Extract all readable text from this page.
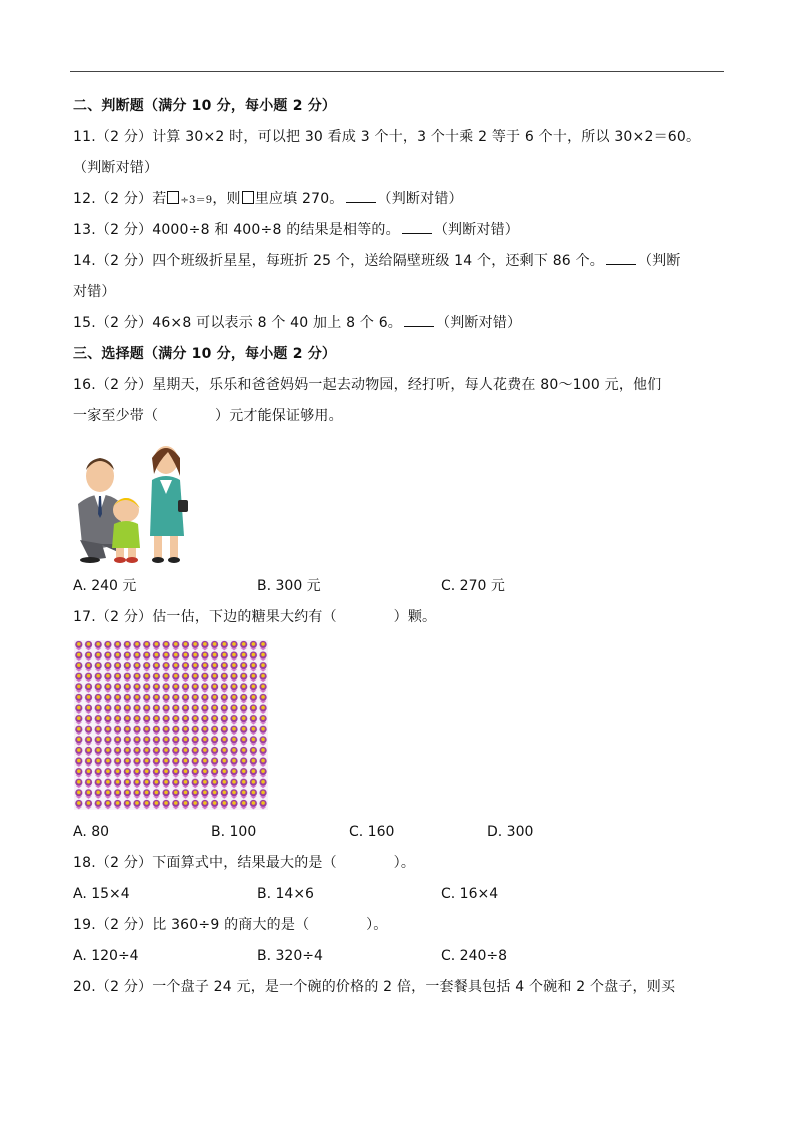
二、判断题（满分 10 分，每小题 2 分）
11.（2 分）计算 30×2 时，可以把 30 看成 3 个十，3 个十乘 2 等于 6 个十，所以 30×2＝60。
（判断对错）
12.（2 分）若 ÷3＝9，则 里应填 270。 （判断对错）
13.（2 分）4000÷8 和 400÷8 的结果是相等的。 （判断对错）
14.（2 分）四个班级折星星，每班折 25 个，送给隔壁班级 14 个，还剩下 86 个。 （判断
对错）
15.（2 分）46×8 可以表示 8 个 40 加上 8 个 6。 （判断对错）
三、选择题（满分 10 分，每小题 2 分）
16.（2 分）星期天，乐乐和爸爸妈妈一起去动物园，经打听，每人花费在 80～100 元，他们
一家至少带（　　　　）元才能保证够用。
A. 240 元	B. 300 元	C. 270 元
17.（2 分）估一估，下边的糖果大约有（　　　　）颗。
A. 80	B. 100	C. 160	D. 300
18.（2 分）下面算式中，结果最大的是（　　　　）。
A. 15×4	B. 14×6	C. 16×4
19.（2 分）比 360÷9 的商大的是（　　　　）。
A. 120÷4	B. 320÷4	C. 240÷8
20.（2 分）一个盘子 24 元，是一个碗的价格的 2 倍，一套餐具包括 4 个碗和 2 个盘子，则买
